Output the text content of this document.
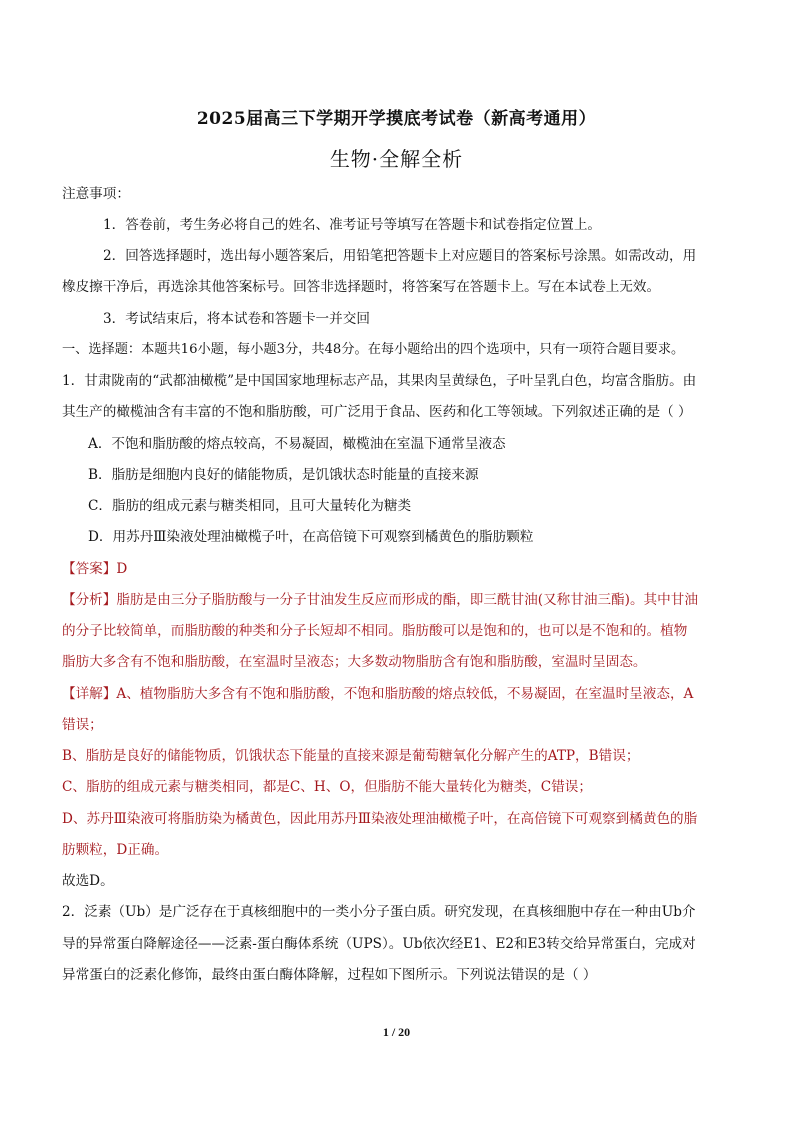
2025届高三下学期开学摸底考试卷（新高考通用）
生物·全解全析
注意事项：
1．答卷前，考生务必将自己的姓名、准考证号等填写在答题卡和试卷指定位置上。
2．回答选择题时，选出每小题答案后，用铅笔把答题卡上对应题目的答案标号涂黑。如需改动，用
橡皮擦干净后，再选涂其他答案标号。回答非选择题时，将答案写在答题卡上。写在本试卷上无效。
3．考试结束后，将本试卷和答题卡一并交回
一、选择题：本题共16小题，每小题3分，共48分。在每小题给出的四个选项中，只有一项符合题目要求。
1．甘肃陇南的“武都油橄榄”是中国国家地理标志产品，其果肉呈黄绿色，子叶呈乳白色，均富含脂肪。由
其生产的橄榄油含有丰富的不饱和脂肪酸，可广泛用于食品、医药和化工等领域。下列叙述正确的是（ ）
A．不饱和脂肪酸的熔点较高，不易凝固，橄榄油在室温下通常呈液态
B．脂肪是细胞内良好的储能物质，是饥饿状态时能量的直接来源
C．脂肪的组成元素与糖类相同，且可大量转化为糖类
D．用苏丹Ⅲ染液处理油橄榄子叶，在高倍镜下可观察到橘黄色的脂肪颗粒
【答案】D
【分析】脂肪是由三分子脂肪酸与一分子甘油发生反应而形成的酯，即三酰甘油(又称甘油三酯)。其中甘油
的分子比较简单，而脂肪酸的种类和分子长短却不相同。脂肪酸可以是饱和的，也可以是不饱和的。植物
脂肪大多含有不饱和脂肪酸，在室温时呈液态；大多数动物脂肪含有饱和脂肪酸，室温时呈固态。
【详解】A、植物脂肪大多含有不饱和脂肪酸，不饱和脂肪酸的熔点较低，不易凝固，在室温时呈液态，A
错误；
B、脂肪是良好的储能物质，饥饿状态下能量的直接来源是葡萄糖氧化分解产生的ATP，B错误；
C、脂肪的组成元素与糖类相同，都是C、H、O，但脂肪不能大量转化为糖类，C错误；
D、苏丹Ⅲ染液可将脂肪染为橘黄色，因此用苏丹Ⅲ染液处理油橄榄子叶，在高倍镜下可观察到橘黄色的脂
肪颗粒，D正确。
故选D。
2．泛素（Ub）是广泛存在于真核细胞中的一类小分子蛋白质。研究发现，在真核细胞中存在一种由Ub介
导的异常蛋白降解途径——泛素-蛋白酶体系统（UPS）。Ub依次经E1、E2和E3转交给异常蛋白，完成对
异常蛋白的泛素化修饰，最终由蛋白酶体降解，过程如下图所示。下列说法错误的是（ ）
1 / 20
